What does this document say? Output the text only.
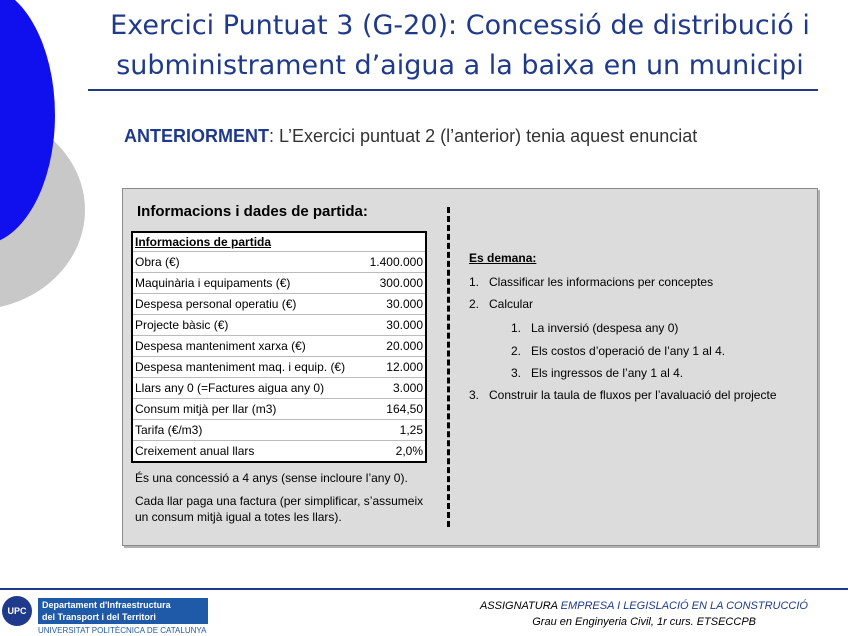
Exercici Puntuat 3 (G-20): Concessió de distribució i
subministrament d’aigua a la baixa en un municipi
ANTERIORMENT: L’Exercici puntuat 2 (l’anterior) tenia aquest enunciat
Informacions i dades de partida:
Informacions de partida
Obra (€)	1.400.000
Maquinària i equipaments (€)	300.000
Despesa personal operatiu (€)	30.000
Projecte bàsic (€)	30.000
Despesa manteniment xarxa (€)	20.000
Despesa manteniment maq. i equip. (€)	12.000
Llars any 0 (=Factures aigua any 0)	3.000
Consum mitjà per llar (m3)	164,50
Tarifa (€/m3)	1,25
Creixement anual llars	2,0%
És una concessió a 4 anys (sense incloure l’any 0).
Cada llar paga una factura (per simplificar, s’assumeix un consum mitjà igual a totes les llars).
Es demana:
1. Classificar les informacions per conceptes
2. Calcular
1. La inversió (despesa any 0)
2. Els costos d’operació de l’any 1 al 4.
3. Els ingressos de l’any 1 al 4.
3. Construir la taula de fluxos per l’avaluació del projecte
UPC
Departament d'Infraestructura
del Transport i del Territori
UNIVERSITAT POLITÈCNICA DE CATALUNYA
ASSIGNATURA EMPRESA I LEGISLACIÓ EN LA CONSTRUCCIÓ
Grau en Enginyeria Civil, 1r curs. ETSECCPB
